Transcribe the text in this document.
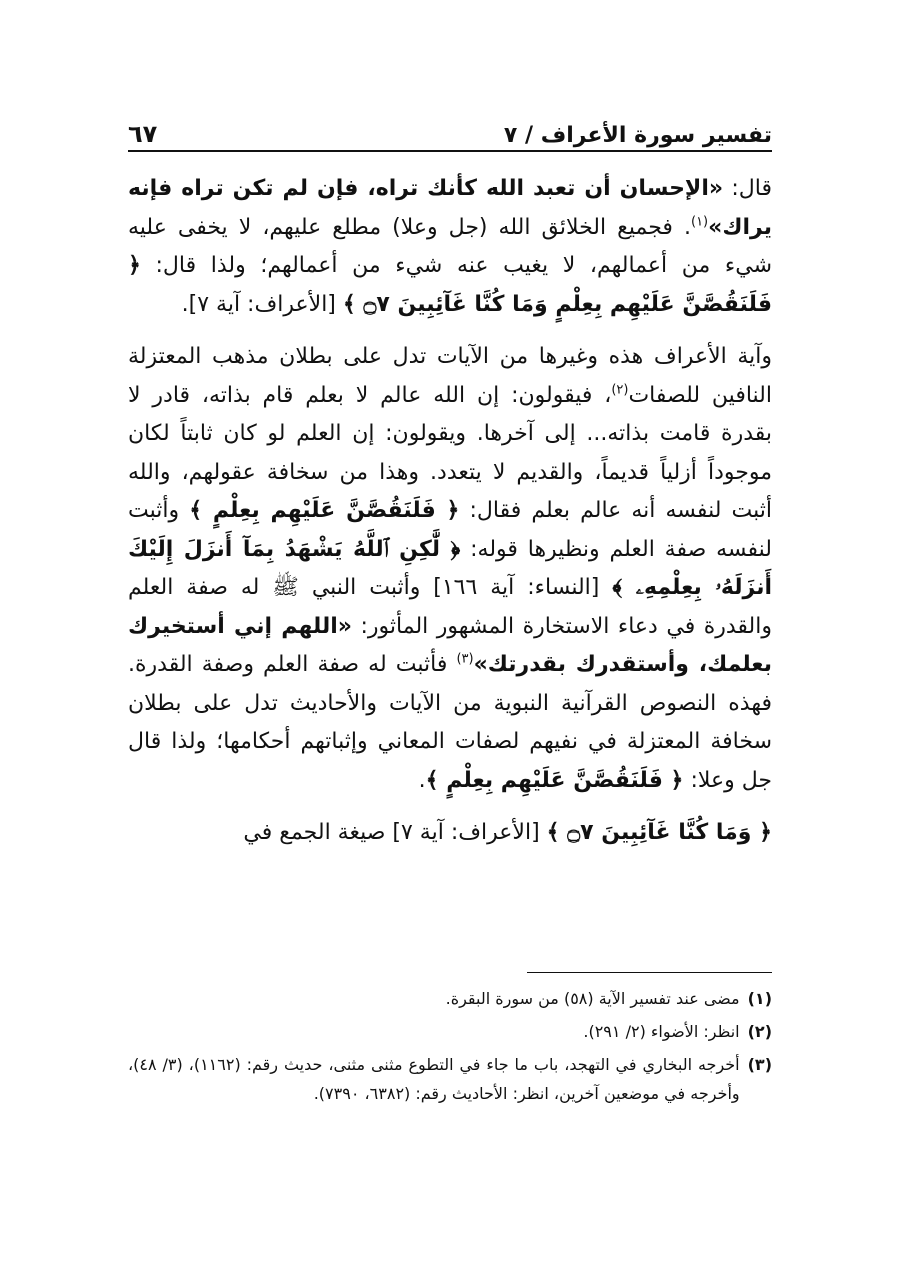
تفسير سورة الأعراف / ٧
٦٧

قال: «الإحسان أن تعبد الله كأنك تراه، فإن لم تكن تراه فإنه يراك»$^{(١)}$. فجميع الخلائق الله (جل وعلا) مطلع عليهم، لا يخفى عليه شيء من أعمالهم، لا يغيب عنه شيء من أعمالهم؛ ولذا قال: ﴿ فَلَنَقُصَّنَّ عَلَيْهِم بِعِلْمٍ وَمَا كُنَّا غَآئِبِينَ ۝٧ ﴾ [الأعراف: آية ٧].

وآية الأعراف هذه وغيرها من الآيات تدل على بطلان مذهب المعتزلة النافين للصفات$^{(٢)}$، فيقولون: إن الله عالم لا بعلم قام بذاته، قادر لا بقدرة قامت بذاته... إلى آخرها. ويقولون: إن العلم لو كان ثابتاً لكان موجوداً أزلياً قديماً، والقديم لا يتعدد. وهذا من سخافة عقولهم، والله أثبت لنفسه أنه عالم بعلم فقال: ﴿ فَلَنَقُصَّنَّ عَلَيْهِم بِعِلْمٍ ﴾ وأثبت لنفسه صفة العلم ونظيرها قوله: ﴿ لَّٰكِنِ ٱللَّهُ يَشْهَدُ بِمَآ أَنزَلَ إِلَيْكَ أَنزَلَهُۥ بِعِلْمِهِۦ ﴾ [النساء: آية ١٦٦] وأثبت النبي ﷺ له صفة العلم والقدرة في دعاء الاستخارة المشهور المأثور: «اللهم إني أستخيرك بعلمك، وأستقدرك بقدرتك»$^{(٣)}$ فأثبت له صفة العلم وصفة القدرة. فهذه النصوص القرآنية النبوية من الآيات والأحاديث تدل على بطلان سخافة المعتزلة في نفيهم لصفات المعاني وإثباتهم أحكامها؛ ولذا قال جل وعلا: ﴿ فَلَنَقُصَّنَّ عَلَيْهِم بِعِلْمٍ ﴾.

﴿ وَمَا كُنَّا غَآئِبِينَ ۝٧ ﴾ [الأعراف: آية ٧] صيغة الجمع في

(١)
مضى عند تفسير الآية (٥٨) من سورة البقرة.
(٢)
انظر: الأضواء (٢/ ٢٩١).
(٣)
أخرجه البخاري في التهجد، باب ما جاء في التطوع مثنى مثنى، حديث رقم: (١١٦٢)، (٣/ ٤٨)، وأخرجه في موضعين آخرين، انظر: الأحاديث رقم: (٦٣٨٢، ٧٣٩٠).
